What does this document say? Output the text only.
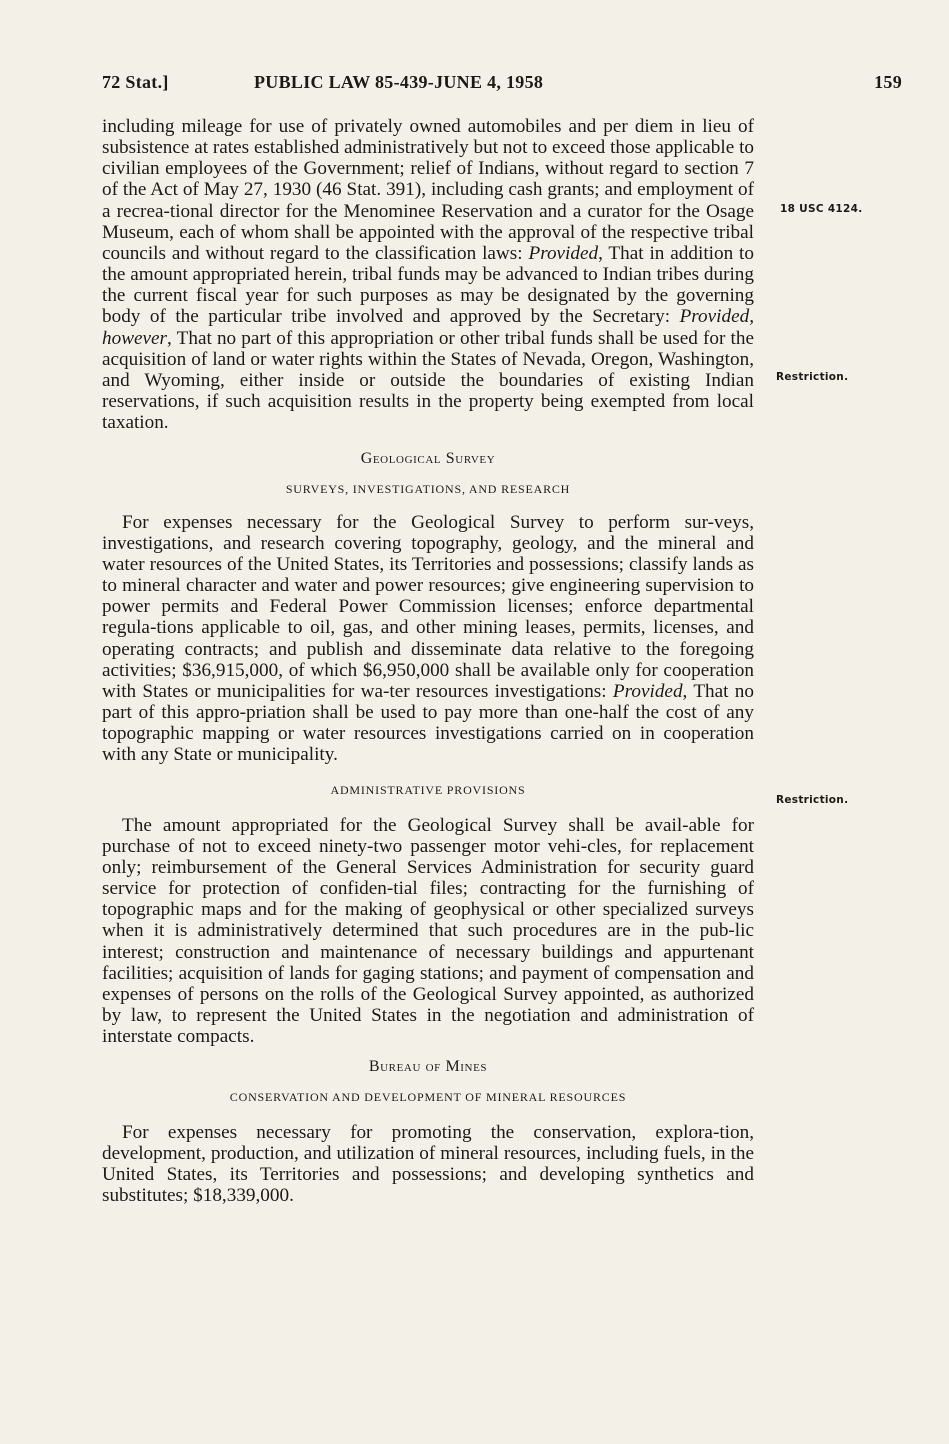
72 Stat.]	PUBLIC LAW 85-439-JUNE 4, 1958	159

including mileage for use of privately owned automobiles and per diem in lieu of subsistence at rates established administratively but not to exceed those applicable to civilian employees of the Government; relief of Indians, without regard to section 7 of the Act of May 27, 1930 (46 Stat. 391), including cash grants; and employment of a recrea-tional director for the Menominee Reservation and a curator for the Osage Museum, each of whom shall be appointed with the approval of the respective tribal councils and without regard to the classification laws: Provided, That in addition to the amount appropriated herein, tribal funds may be advanced to Indian tribes during the current fiscal year for such purposes as may be designated by the governing body of the particular tribe involved and approved by the Secretary: Provided, however, That no part of this appropriation or other tribal funds shall be used for the acquisition of land or water rights within the States of Nevada, Oregon, Washington, and Wyoming, either inside or outside the boundaries of existing Indian reservations, if such acquisition results in the property being exempted from local taxation.

Geological Survey

SURVEYS, INVESTIGATIONS, AND RESEARCH

For expenses necessary for the Geological Survey to perform sur-veys, investigations, and research covering topography, geology, and the mineral and water resources of the United States, its Territories and possessions; classify lands as to mineral character and water and power resources; give engineering supervision to power permits and Federal Power Commission licenses; enforce departmental regula-tions applicable to oil, gas, and other mining leases, permits, licenses, and operating contracts; and publish and disseminate data relative to the foregoing activities; $36,915,000, of which $6,950,000 shall be available only for cooperation with States or municipalities for wa-ter resources investigations: Provided, That no part of this appro-priation shall be used to pay more than one-half the cost of any topographic mapping or water resources investigations carried on in cooperation with any State or municipality.

ADMINISTRATIVE PROVISIONS

The amount appropriated for the Geological Survey shall be avail-able for purchase of not to exceed ninety-two passenger motor vehi-cles, for replacement only; reimbursement of the General Services Administration for security guard service for protection of confiden-tial files; contracting for the furnishing of topographic maps and for the making of geophysical or other specialized surveys when it is administratively determined that such procedures are in the pub-lic interest; construction and maintenance of necessary buildings and appurtenant facilities; acquisition of lands for gaging stations; and payment of compensation and expenses of persons on the rolls of the Geological Survey appointed, as authorized by law, to represent the United States in the negotiation and administration of interstate compacts.

Bureau of Mines

CONSERVATION AND DEVELOPMENT OF MINERAL RESOURCES

For expenses necessary for promoting the conservation, explora-tion, development, production, and utilization of mineral resources, including fuels, in the United States, its Territories and possessions; and developing synthetics and substitutes; $18,339,000.

18 USC 4124.
Restriction.
Restriction.
